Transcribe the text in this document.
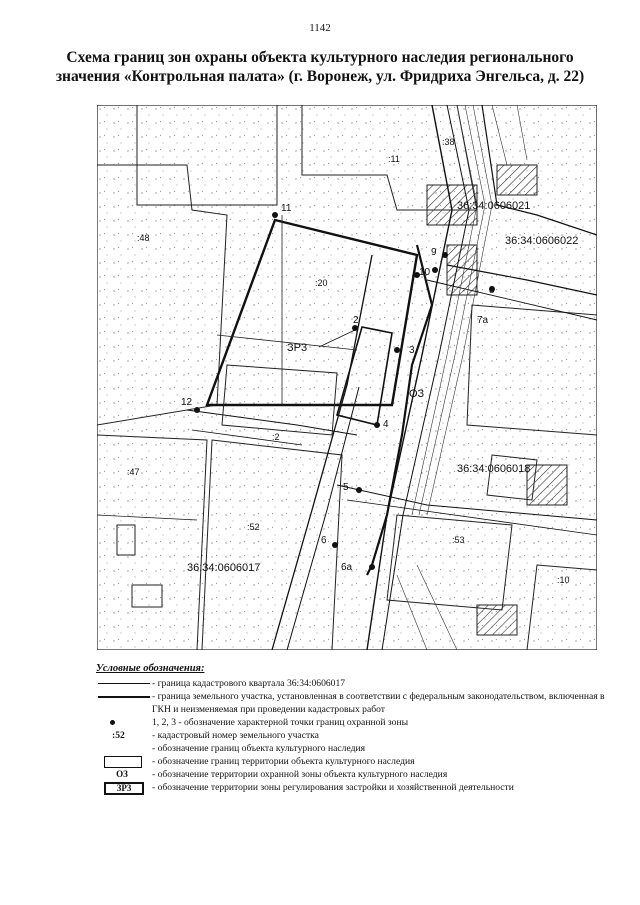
1142
Схема границ зон охраны объекта культурного наследия регионального
значения «Контрольная палата» (г. Воронеж, ул. Фридриха Энгельса, д. 22)
36:34:0606021
36:34:0606022
36:34:0606018
36:34:0606017
:11
:38
:48
:20
:2
:47
:52
:53
:10
7a
2
3
4
5
6
6a
8
9
10
11
12
ЗР3
ОЗ
Условные обозначения:
- граница кадастрового квартала 36:34:0606017
- граница земельного участка, установленная в соответствии с федеральным законодательством, включенная в ГКН и неизменяемая при проведении кадастровых работ
1, 2, 3 - обозначение характерной точки границ охранной зоны
:52	- кадастровый номер земельного участка
- обозначение границ объекта культурного наследия
- обозначение границ территории объекта культурного наследия
ОЗ	- обозначение территории охранной зоны объекта культурного наследия
ЗР3	- обозначение территории зоны регулирования застройки и хозяйственной деятельности
